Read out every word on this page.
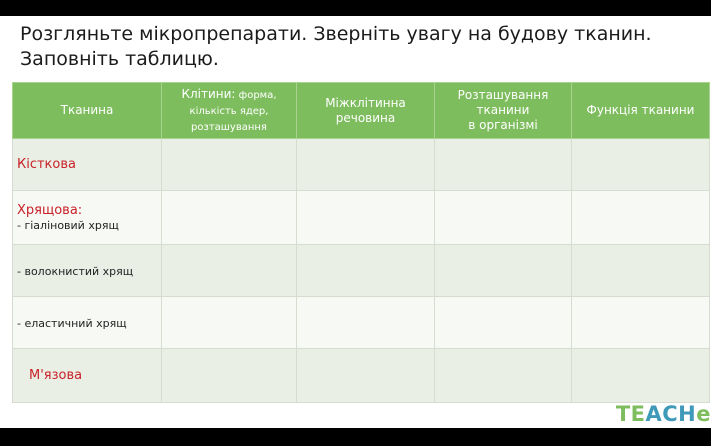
Розгляньте мікропрепарати. Зверніть увагу на будову тканин.
Заповніть таблицю.
Тканина	Клітини: форма,
кількість ядер,
розташування	Міжклітинна
речовина	Розташування
тканини
в організмі	Функція тканини
Кісткова				
Хрящова:
- гіаліновий хрящ				
- волокнистий хрящ				
- еластичний хрящ				
М'язова				
TEACHe
